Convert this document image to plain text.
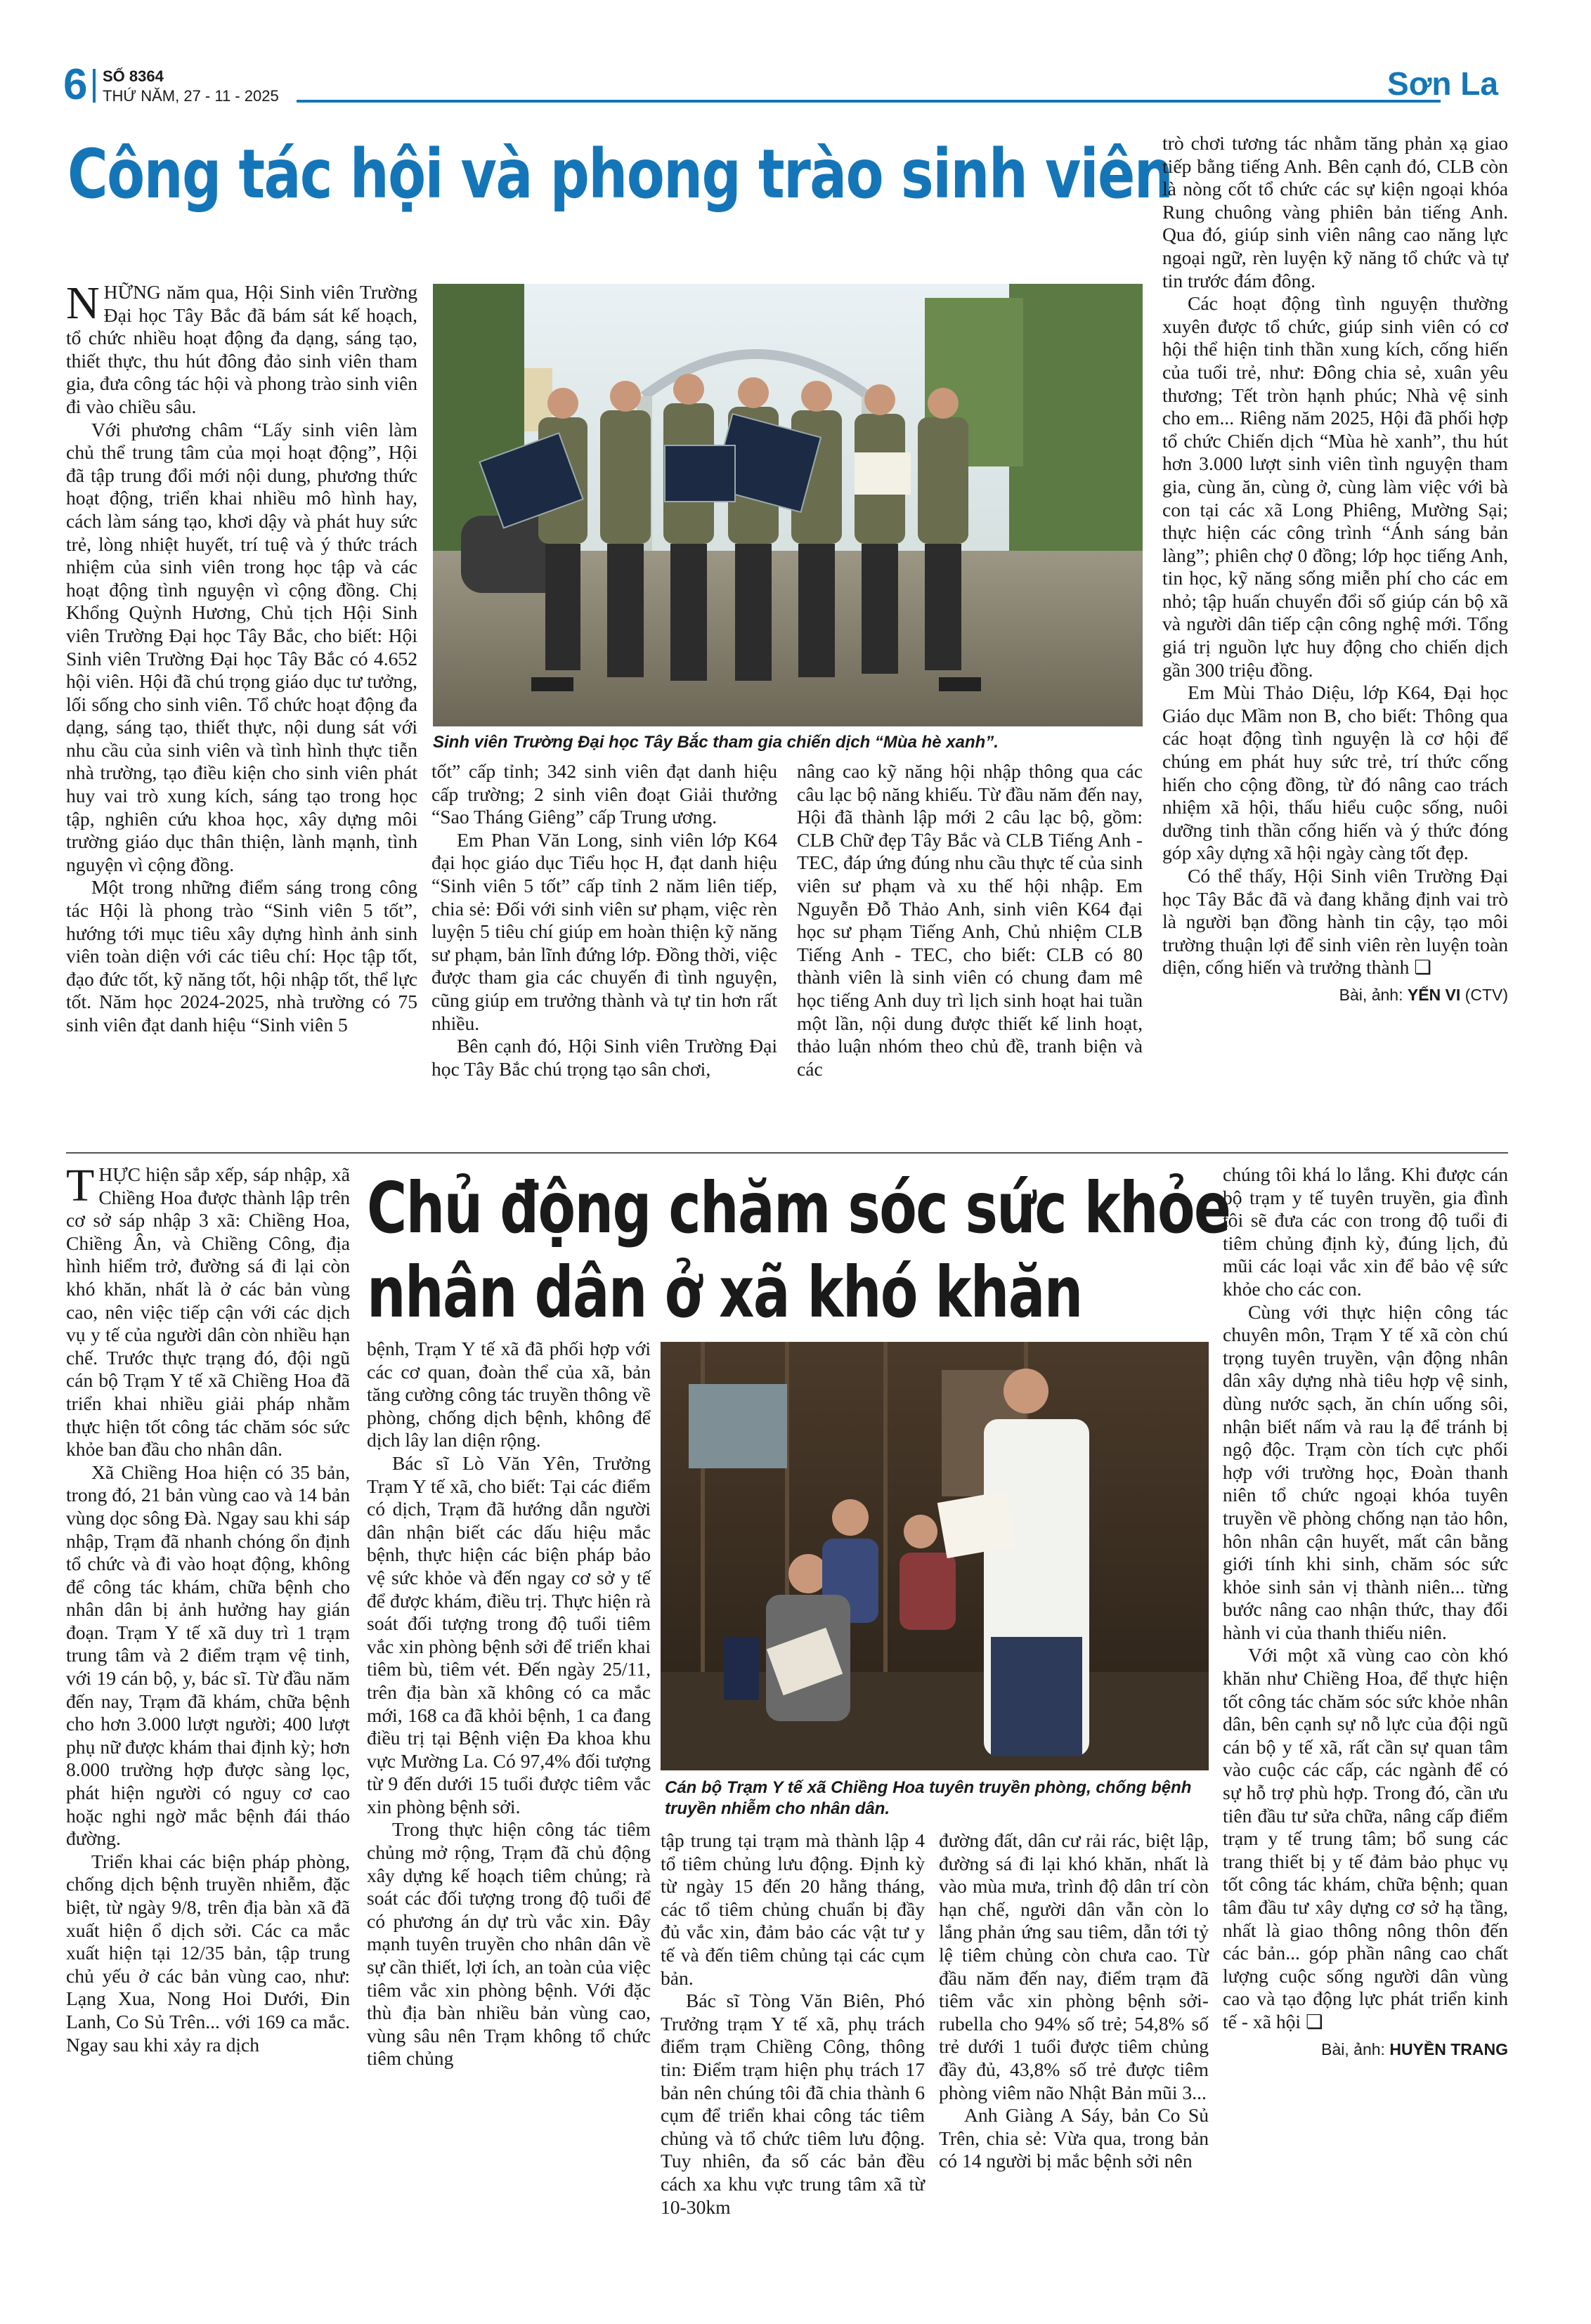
6 SỐ 8364
THỨ NĂM, 27 - 11 - 2025	Sơn La
Công tác hội và phong trào sinh viên

NHỮNG năm qua, Hội Sinh viên Trường Đại học Tây Bắc đã bám sát kế hoạch, tổ chức nhiều hoạt động đa dạng, sáng tạo, thiết thực, thu hút đông đảo sinh viên tham gia, đưa công tác hội và phong trào sinh viên đi vào chiều sâu.

Với phương châm “Lấy sinh viên làm chủ thể trung tâm của mọi hoạt động”, Hội đã tập trung đổi mới nội dung, phương thức hoạt động, triển khai nhiều mô hình hay, cách làm sáng tạo, khơi dậy và phát huy sức trẻ, lòng nhiệt huyết, trí tuệ và ý thức trách nhiệm của sinh viên trong học tập và các hoạt động tình nguyện vì cộng đồng. Chị Khổng Quỳnh Hương, Chủ tịch Hội Sinh viên Trường Đại học Tây Bắc, cho biết: Hội Sinh viên Trường Đại học Tây Bắc có 4.652 hội viên. Hội đã chú trọng giáo dục tư tưởng, lối sống cho sinh viên. Tổ chức hoạt động đa dạng, sáng tạo, thiết thực, nội dung sát với nhu cầu của sinh viên và tình hình thực tiễn nhà trường, tạo điều kiện cho sinh viên phát huy vai trò xung kích, sáng tạo trong học tập, nghiên cứu khoa học, xây dựng môi trường giáo dục thân thiện, lành mạnh, tình nguyện vì cộng đồng.

Một trong những điểm sáng trong công tác Hội là phong trào “Sinh viên 5 tốt”, hướng tới mục tiêu xây dựng hình ảnh sinh viên toàn diện với các tiêu chí: Học tập tốt, đạo đức tốt, kỹ năng tốt, hội nhập tốt, thể lực tốt. Năm học 2024-2025, nhà trường có 75 sinh viên đạt danh hiệu “Sinh viên 5

Sinh viên Trường Đại học Tây Bắc tham gia chiến dịch “Mùa hè xanh”.

tốt” cấp tỉnh; 342 sinh viên đạt danh hiệu cấp trường; 2 sinh viên đoạt Giải thưởng “Sao Tháng Giêng” cấp Trung ương.

Em Phan Văn Long, sinh viên lớp K64 đại học giáo dục Tiểu học H, đạt danh hiệu “Sinh viên 5 tốt” cấp tỉnh 2 năm liên tiếp, chia sẻ: Đối với sinh viên sư phạm, việc rèn luyện 5 tiêu chí giúp em hoàn thiện kỹ năng sư phạm, bản lĩnh đứng lớp. Đồng thời, việc được tham gia các chuyến đi tình nguyện, cũng giúp em trưởng thành và tự tin hơn rất nhiều.

Bên cạnh đó, Hội Sinh viên Trường Đại học Tây Bắc chú trọng tạo sân chơi,

nâng cao kỹ năng hội nhập thông qua các câu lạc bộ năng khiếu. Từ đầu năm đến nay, Hội đã thành lập mới 2 câu lạc bộ, gồm: CLB Chữ đẹp Tây Bắc và CLB Tiếng Anh - TEC, đáp ứng đúng nhu cầu thực tế của sinh viên sư phạm và xu thế hội nhập. Em Nguyễn Đỗ Thảo Anh, sinh viên K64 đại học sư phạm Tiếng Anh, Chủ nhiệm CLB Tiếng Anh - TEC, cho biết: CLB có 80 thành viên là sinh viên có chung đam mê học tiếng Anh duy trì lịch sinh hoạt hai tuần một lần, nội dung được thiết kế linh hoạt, thảo luận nhóm theo chủ đề, tranh biện và các

trò chơi tương tác nhằm tăng phản xạ giao tiếp bằng tiếng Anh. Bên cạnh đó, CLB còn là nòng cốt tổ chức các sự kiện ngoại khóa Rung chuông vàng phiên bản tiếng Anh. Qua đó, giúp sinh viên nâng cao năng lực ngoại ngữ, rèn luyện kỹ năng tổ chức và tự tin trước đám đông.

Các hoạt động tình nguyện thường xuyên được tổ chức, giúp sinh viên có cơ hội thể hiện tinh thần xung kích, cống hiến của tuổi trẻ, như: Đông chia sẻ, xuân yêu thương; Tết tròn hạnh phúc; Nhà vệ sinh cho em... Riêng năm 2025, Hội đã phối hợp tổ chức Chiến dịch “Mùa hè xanh”, thu hút hơn 3.000 lượt sinh viên tình nguyện tham gia, cùng ăn, cùng ở, cùng làm việc với bà con tại các xã Long Phiêng, Mường Sại; thực hiện các công trình “Ánh sáng bản làng”; phiên chợ 0 đồng; lớp học tiếng Anh, tin học, kỹ năng sống miễn phí cho các em nhỏ; tập huấn chuyển đổi số giúp cán bộ xã và người dân tiếp cận công nghệ mới. Tổng giá trị nguồn lực huy động cho chiến dịch gần 300 triệu đồng.

Em Mùi Thảo Diệu, lớp K64, Đại học Giáo dục Mầm non B, cho biết: Thông qua các hoạt động tình nguyện là cơ hội để chúng em phát huy sức trẻ, trí thức cống hiến cho cộng đồng, từ đó nâng cao trách nhiệm xã hội, thấu hiểu cuộc sống, nuôi dưỡng tinh thần cống hiến và ý thức đóng góp xây dựng xã hội ngày càng tốt đẹp.

Có thể thấy, Hội Sinh viên Trường Đại học Tây Bắc đã và đang khẳng định vai trò là người bạn đồng hành tin cậy, tạo môi trường thuận lợi để sinh viên rèn luyện toàn diện, cống hiến và trưởng thành ❏

Bài, ảnh: YẾN VI (CTV)

THỰC hiện sắp xếp, sáp nhập, xã Chiềng Hoa được thành lập trên cơ sở sáp nhập 3 xã: Chiềng Hoa, Chiềng Ân, và Chiềng Công, địa hình hiểm trở, đường sá đi lại còn khó khăn, nhất là ở các bản vùng cao, nên việc tiếp cận với các dịch vụ y tế của người dân còn nhiều hạn chế. Trước thực trạng đó, đội ngũ cán bộ Trạm Y tế xã Chiềng Hoa đã triển khai nhiều giải pháp nhằm thực hiện tốt công tác chăm sóc sức khỏe ban đầu cho nhân dân.

Xã Chiềng Hoa hiện có 35 bản, trong đó, 21 bản vùng cao và 14 bản vùng dọc sông Đà. Ngay sau khi sáp nhập, Trạm đã nhanh chóng ổn định tổ chức và đi vào hoạt động, không để công tác khám, chữa bệnh cho nhân dân bị ảnh hưởng hay gián đoạn. Trạm Y tế xã duy trì 1 trạm trung tâm và 2 điểm trạm vệ tinh, với 19 cán bộ, y, bác sĩ. Từ đầu năm đến nay, Trạm đã khám, chữa bệnh cho hơn 3.000 lượt người; 400 lượt phụ nữ được khám thai định kỳ; hơn 8.000 trường hợp được sàng lọc, phát hiện người có nguy cơ cao hoặc nghi ngờ mắc bệnh đái tháo đường.

Triển khai các biện pháp phòng, chống dịch bệnh truyền nhiễm, đặc biệt, từ ngày 9/8, trên địa bàn xã đã xuất hiện ổ dịch sởi. Các ca mắc xuất hiện tại 12/35 bản, tập trung chủ yếu ở các bản vùng cao, như: Lạng Xua, Nong Hoi Dưới, Đin Lanh, Co Sủ Trên... với 169 ca mắc. Ngay sau khi xảy ra dịch

Chủ động chăm sóc sức khỏe
nhân dân ở xã khó khăn

bệnh, Trạm Y tế xã đã phối hợp với các cơ quan, đoàn thể của xã, bản tăng cường công tác truyền thông về phòng, chống dịch bệnh, không để dịch lây lan diện rộng.

Bác sĩ Lò Văn Yên, Trưởng Trạm Y tế xã, cho biết: Tại các điểm có dịch, Trạm đã hướng dẫn người dân nhận biết các dấu hiệu mắc bệnh, thực hiện các biện pháp bảo vệ sức khỏe và đến ngay cơ sở y tế để được khám, điều trị. Thực hiện rà soát đối tượng trong độ tuổi tiêm vắc xin phòng bệnh sởi để triển khai tiêm bù, tiêm vét. Đến ngày 25/11, trên địa bàn xã không có ca mắc mới, 168 ca đã khỏi bệnh, 1 ca đang điều trị tại Bệnh viện Đa khoa khu vực Mường La. Có 97,4% đối tượng từ 9 đến dưới 15 tuổi được tiêm vắc xin phòng bệnh sởi.

Trong thực hiện công tác tiêm chủng mở rộng, Trạm đã chủ động xây dựng kế hoạch tiêm chủng; rà soát các đối tượng trong độ tuổi để có phương án dự trù vắc xin. Đây mạnh tuyên truyền cho nhân dân về sự cần thiết, lợi ích, an toàn của việc tiêm vắc xin phòng bệnh. Với đặc thù địa bàn nhiều bản vùng cao, vùng sâu nên Trạm không tổ chức tiêm chủng

Cán bộ Trạm Y tế xã Chiềng Hoa tuyên truyền phòng, chống bệnh truyền nhiễm cho nhân dân.

tập trung tại trạm mà thành lập 4 tổ tiêm chủng lưu động. Định kỳ từ ngày 15 đến 20 hằng tháng, các tổ tiêm chủng chuẩn bị đầy đủ vắc xin, đảm bảo các vật tư y tế và đến tiêm chủng tại các cụm bản.

Bác sĩ Tòng Văn Biên, Phó Trưởng trạm Y tế xã, phụ trách điểm trạm Chiềng Công, thông tin: Điểm trạm hiện phụ trách 17 bản nên chúng tôi đã chia thành 6 cụm để triển khai công tác tiêm chủng và tổ chức tiêm lưu động. Tuy nhiên, đa số các bản đều cách xa khu vực trung tâm xã từ 10-30km

đường đất, dân cư rải rác, biệt lập, đường sá đi lại khó khăn, nhất là vào mùa mưa, trình độ dân trí còn hạn chế, người dân vẫn còn lo lắng phản ứng sau tiêm, dẫn tới tỷ lệ tiêm chủng còn chưa cao. Từ đầu năm đến nay, điểm trạm đã tiêm vắc xin phòng bệnh sởi-rubella cho 94% số trẻ; 54,8% số trẻ dưới 1 tuổi được tiêm chủng đầy đủ, 43,8% số trẻ được tiêm phòng viêm não Nhật Bản mũi 3...

Anh Giàng A Sáy, bản Co Sủ Trên, chia sẻ: Vừa qua, trong bản có 14 người bị mắc bệnh sởi nên

chúng tôi khá lo lắng. Khi được cán bộ trạm y tế tuyên truyền, gia đình tôi sẽ đưa các con trong độ tuổi đi tiêm chủng định kỳ, đúng lịch, đủ mũi các loại vắc xin để bảo vệ sức khỏe cho các con.

Cùng với thực hiện công tác chuyên môn, Trạm Y tế xã còn chú trọng tuyên truyền, vận động nhân dân xây dựng nhà tiêu hợp vệ sinh, dùng nước sạch, ăn chín uống sôi, nhận biết nấm và rau lạ để tránh bị ngộ độc. Trạm còn tích cực phối hợp với trường học, Đoàn thanh niên tổ chức ngoại khóa tuyên truyền về phòng chống nạn tảo hôn, hôn nhân cận huyết, mất cân bằng giới tính khi sinh, chăm sóc sức khỏe sinh sản vị thành niên... từng bước nâng cao nhận thức, thay đổi hành vi của thanh thiếu niên.

Với một xã vùng cao còn khó khăn như Chiềng Hoa, để thực hiện tốt công tác chăm sóc sức khỏe nhân dân, bên cạnh sự nỗ lực của đội ngũ cán bộ y tế xã, rất cần sự quan tâm vào cuộc các cấp, các ngành để có sự hỗ trợ phù hợp. Trong đó, cần ưu tiên đầu tư sửa chữa, nâng cấp điểm trạm y tế trung tâm; bổ sung các trang thiết bị y tế đảm bảo phục vụ tốt công tác khám, chữa bệnh; quan tâm đầu tư xây dựng cơ sở hạ tầng, nhất là giao thông nông thôn đến các bản... góp phần nâng cao chất lượng cuộc sống người dân vùng cao và tạo động lực phát triển kinh tế - xã hội ❏

Bài, ảnh: HUYỀN TRANG
